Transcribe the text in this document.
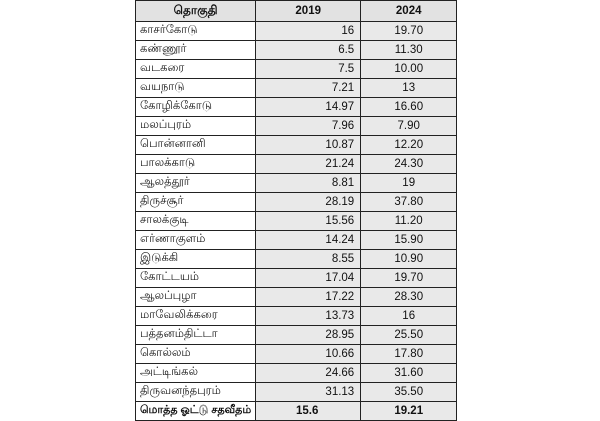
தொகுதி	2019	2024
காசர்கோடு	16	19.70
கண்ணூர்	6.5	11.30
வடகரை	7.5	10.00
வயநாடு	7.21	13
கோழிக்கோடு	14.97	16.60
மலப்புரம்	7.96	7.90
பொன்னானி	10.87	12.20
பாலக்காடு	21.24	24.30
ஆலத்தூர்	8.81	19
திருச்சூர்	28.19	37.80
சாலக்குடி	15.56	11.20
எர்ணாகுளம்	14.24	15.90
இடுக்கி	8.55	10.90
கோட்டயம்	17.04	19.70
ஆலப்புழா	17.22	28.30
மாவேலிக்கரை	13.73	16
பத்தனம்திட்டா	28.95	25.50
கொல்லம்	10.66	17.80
அட்டிங்கல்	24.66	31.60
திருவனந்தபுரம்	31.13	35.50
மொத்த ஓட்டு சதவீதம்	15.6	19.21
